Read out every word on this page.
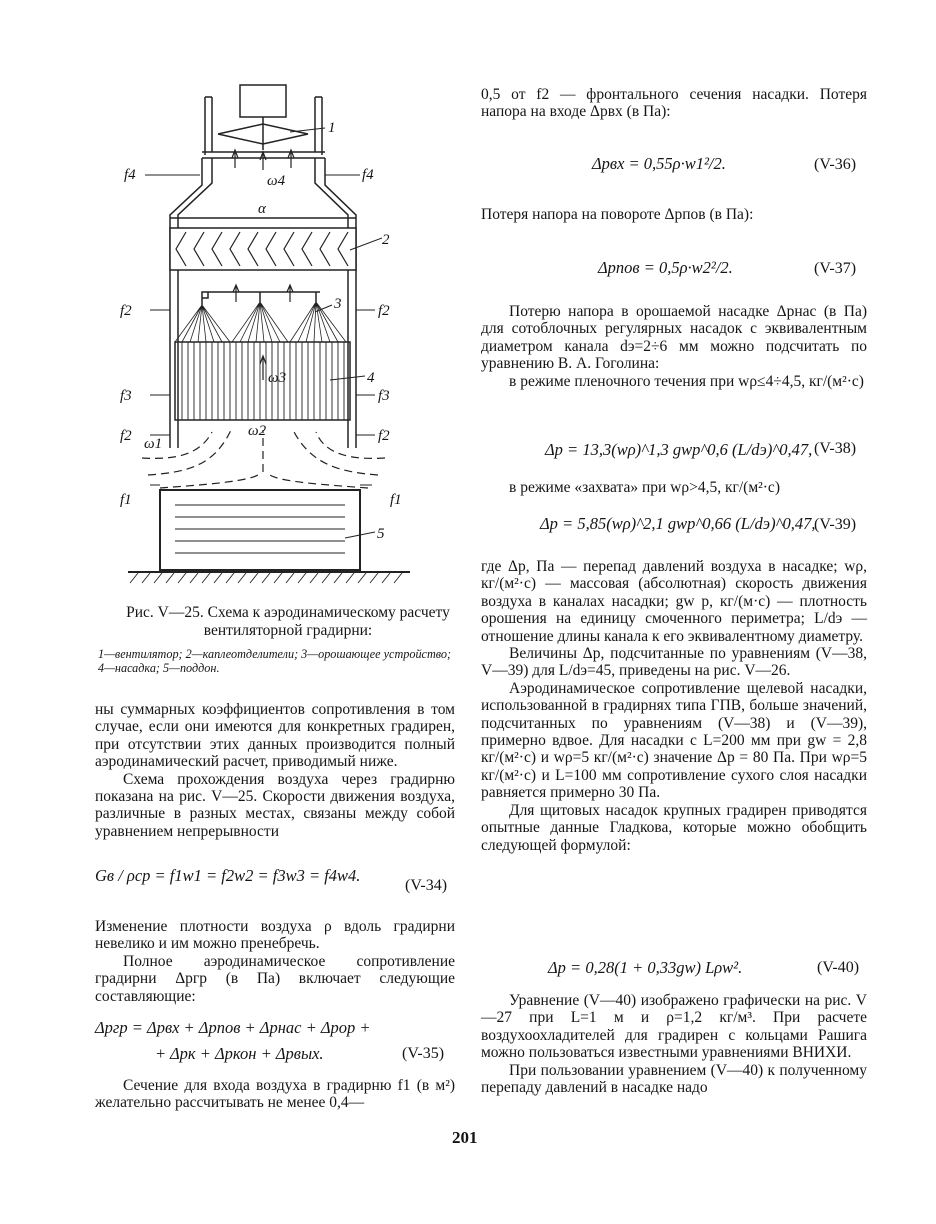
1
2
3
4
5
f4	f4
ω4
α
f2	f2
ω3
f3	f3
f2	f2
ω1
ω2
f1	f1
Рис. V—25. Схема к аэродинамическому расчету вентиляторной градирни:
1—вентилятор; 2—каплеотделители; 3—орошающее устройство; 4—насадка; 5—поддон.

ны суммарных коэффициентов сопротивления в том случае, если они имеются для конкретных градирен, при отсутствии этих данных производится полный аэродинамический расчет, приводимый ниже.

Схема прохождения воздуха через градирню показана на рис. V—25. Скорости движения воздуха, различные в разных местах, связаны между собой уравнением непрерывности

Gв / ρср = f1w1 = f2w2 = f3w3 = f4w4.
(V-34)

Изменение плотности воздуха ρ вдоль градирни невелико и им можно пренебречь.

Полное аэродинамическое сопротивление градирни Δpгр (в Па) включает следующие составляющие:

Δpгр = Δpвх + Δpпов + Δpнас + Δpор +
+ Δpк + Δpкон + Δpвых.	(V-35)

Сечение для входа воздуха в градирню f1 (в м²) желательно рассчитывать не менее 0,4—

0,5 от f2 — фронтального сечения насадки. Потеря напора на входе Δpвх (в Па):

Δpвх = 0,55ρ·w1²/2.	(V-36)

Потеря напора на повороте Δpпов (в Па):

Δpпов = 0,5ρ·w2²/2.	(V-37)

Потерю напора в орошаемой насадке Δpнас (в Па) для сотоблочных регулярных насадок с эквивалентным диаметром канала dэ=2÷6 мм можно подсчитать по уравнению В. А. Гоголина:

в режиме пленочного течения при wρ≤4÷4,5, кг/(м²·с)

Δp = 13,3(wρ)^1,3 gwp^0,6 (L/dэ)^0,47, (V-38)

в режиме «захвата» при wρ>4,5, кг/(м²·с)

Δp = 5,85(wρ)^2,1 gwp^0,66 (L/dэ)^0,47,
(V-39)

где Δp, Па — перепад давлений воздуха в насадке; wρ, кг/(м²·с) — массовая (абсолютная) скорость движения воздуха в каналах насадки; gw p, кг/(м·с) — плотность орошения на единицу смоченного периметра; L/dэ — отношение длины канала к его эквивалентному диаметру.

Величины Δp, подсчитанные по уравнениям (V—38, V—39) для L/dэ=45, приведены на рис. V—26.

Аэродинамическое сопротивление щелевой насадки, использованной в градирнях типа ГПВ, больше значений, подсчитанных по уравнениям (V—38) и (V—39), примерно вдвое. Для насадки с L=200 мм при gw = 2,8 кг/(м²·с) и wρ=5 кг/(м²·с) значение Δp = 80 Па. При wρ=5 кг/(м²·с) и L=100 мм сопротивление сухого слоя насадки равняется примерно 30 Па.

Для щитовых насадок крупных градирен приводятся опытные данные Гладкова, которые можно обобщить следующей формулой:

Δp = 0,28(1 + 0,33gw) Lρw².	(V-40)

Уравнение (V—40) изображено графически на рис. V—27 при L=1 м и ρ=1,2 кг/м³. При расчете воздухоохладителей для градирен с кольцами Рашига можно пользоваться известными уравнениями ВНИХИ.

При пользовании уравнением (V—40) к полученному перепаду давлений в насадке надо

201
